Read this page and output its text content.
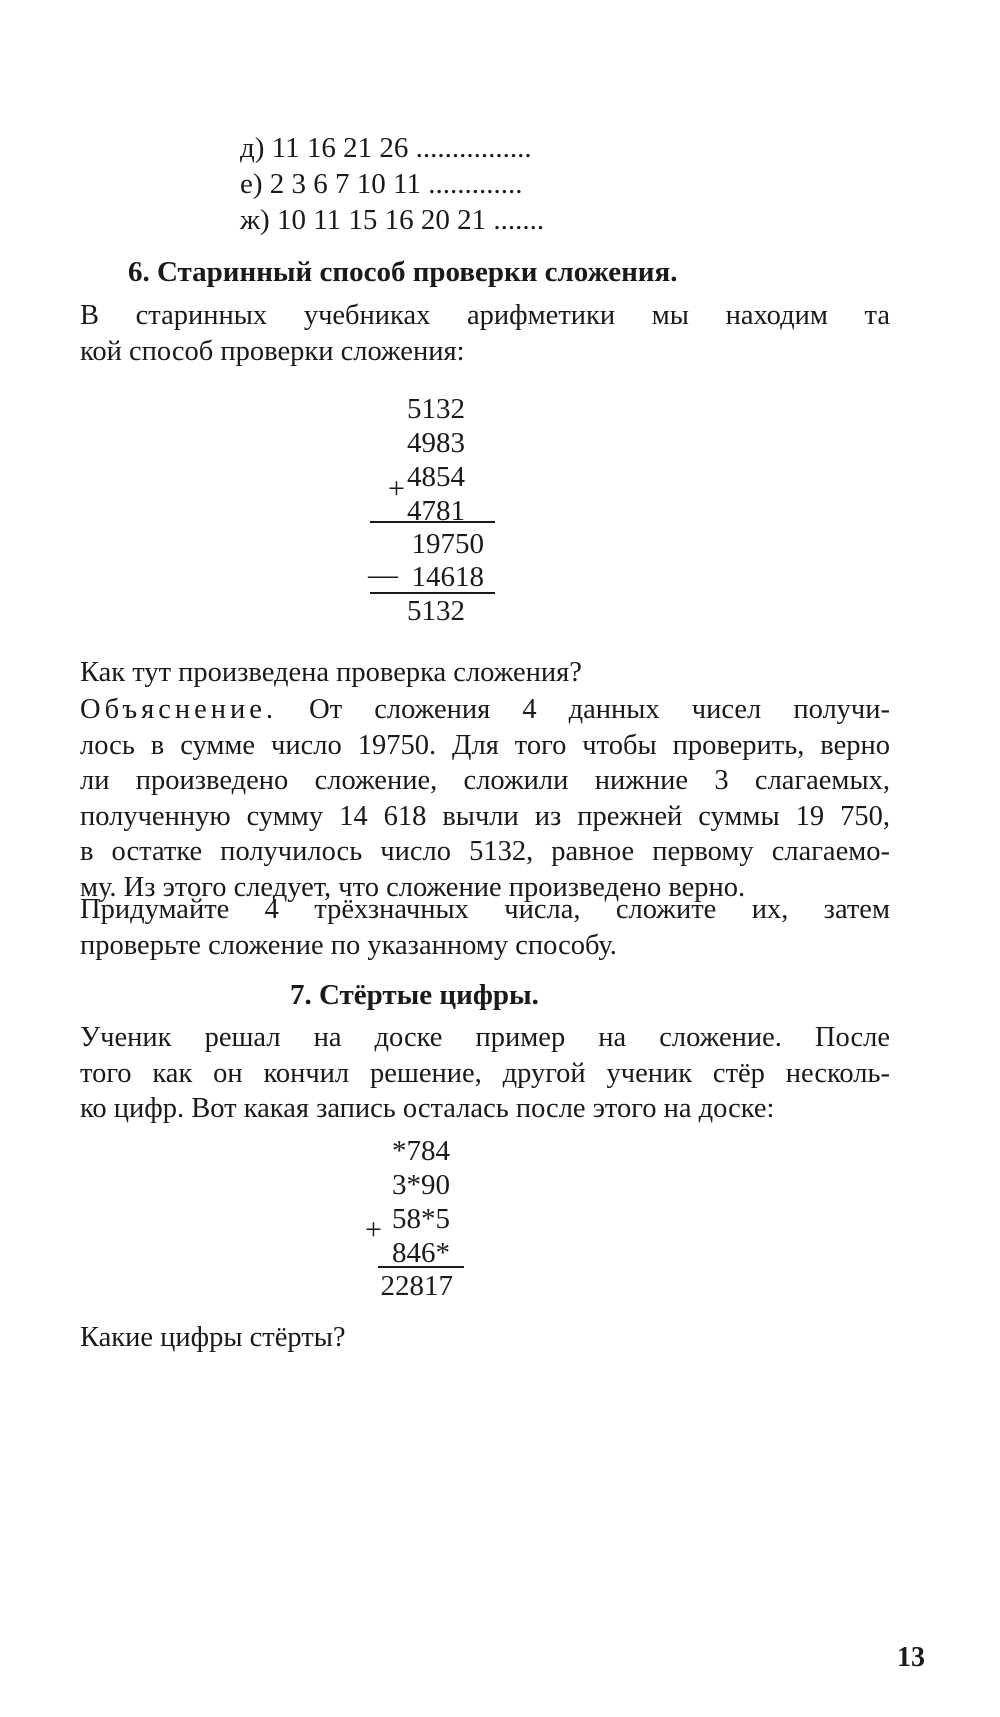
д) 11 16 21 26 ................
е) 2 3 6 7 10 11 .............
ж) 10 11 15 16 20 21 .......
6. Старинный способ проверки сложения.
В старинных учебниках арифметики мы находим та
кой способ проверки сложения:
5132
4983
4854
4781
+
19750
— 14618
5132
Как тут произведена проверка сложения?
Объяснение. От сложения 4 данных чисел получи-
лось в сумме число 19750. Для того чтобы проверить, верно
ли произведено сложение, сложили нижние 3 слагаемых,
полученную сумму 14 618 вычли из прежней суммы 19 750,
в остатке получилось число 5132, равное первому слагаемо-
му. Из этого следует, что сложение произведено верно.
Придумайте 4 трёхзначных числа, сложите их, затем
проверьте сложение по указанному способу.
7. Стёртые цифры.
Ученик решал на доске пример на сложение. После
того как он кончил решение, другой ученик стёр несколь-
ко цифр. Вот какая запись осталась после этого на доске:
*784
3*90
58*5
846*
+
22817
Какие цифры стёрты?
13
